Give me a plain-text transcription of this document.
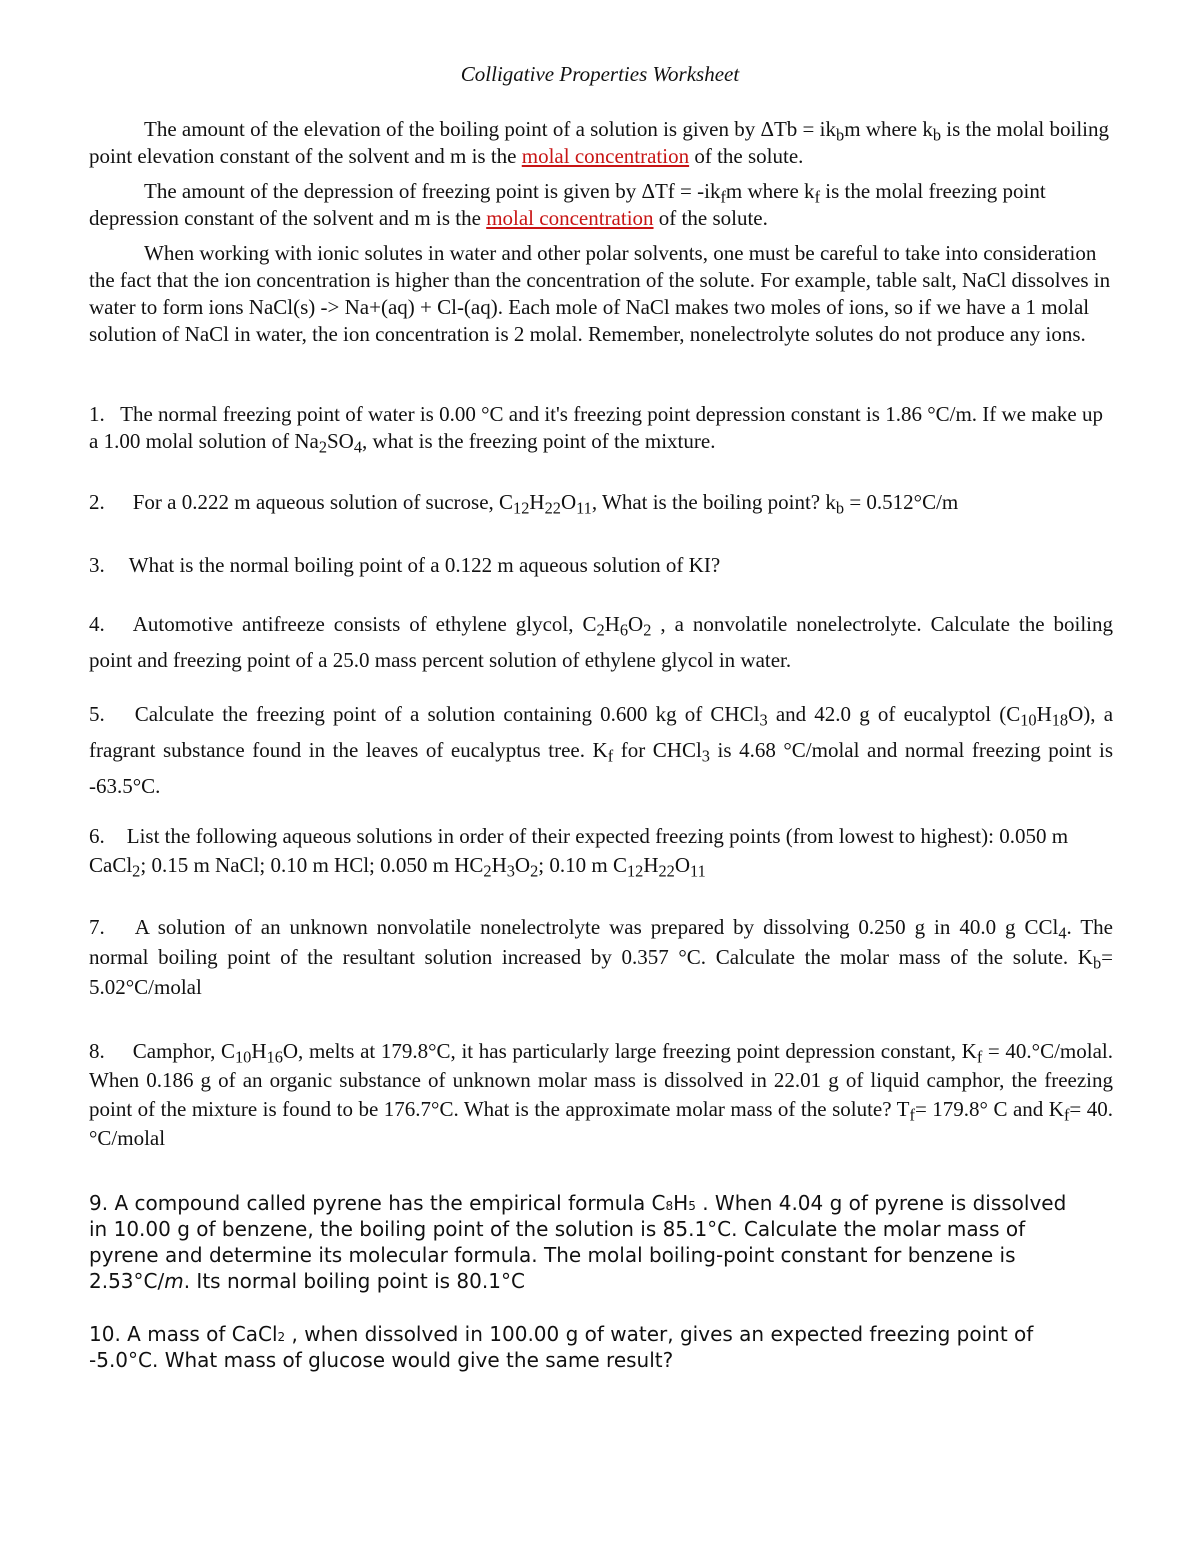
Colligative Properties Worksheet
The amount of the elevation of the boiling point of a solution is given by $\Delta Tb = ik_bm$ where $k_b$ is the molal boiling point elevation constant of the solvent and m is the molal concentration of the solute.
The amount of the depression of freezing point is given by $\Delta Tf = -ik_fm$ where $k_f$ is the molal freezing point depression constant of the solvent and m is the molal concentration of the solute.
When working with ionic solutes in water and other polar solvents, one must be careful to take into consideration the fact that the ion concentration is higher than the concentration of the solute. For example, table salt, NaCl dissolves in water to form ions NaCl(s) -> Na+(aq) + Cl-(aq). Each mole of NaCl makes two moles of ions, so if we have a 1 molal solution of NaCl in water, the ion concentration is 2 molal. Remember, nonelectrolyte solutes do not produce any ions.
1. The normal freezing point of water is 0.00 °C and it's freezing point depression constant is 1.86 °C/m. If we make up a 1.00 molal solution of $Na_2SO_4$, what is the freezing point of the mixture.
2. For a 0.222 m aqueous solution of sucrose, $C_{12}H_{22}O_{11}$, What is the boiling point? $k_b = 0.512^\circ C/m$
3. What is the normal boiling point of a 0.122 m aqueous solution of KI?
4. Automotive antifreeze consists of ethylene glycol, $C_2H_6O_2$ , a nonvolatile nonelectrolyte. Calculate the boiling point and freezing point of a 25.0 mass percent solution of ethylene glycol in water.
5. Calculate the freezing point of a solution containing 0.600 kg of CHCl$_3$ and 42.0 g of eucalyptol $(C_{10}H_{18}O)$, a fragrant substance found in the leaves of eucalyptus tree. $K_f$ for CHCl$_3$ is 4.68 °C/molal and normal freezing point is -63.5°C.
6. List the following aqueous solutions in order of their expected freezing points (from lowest to highest): 0.050 m CaCl$_2$; 0.15 m NaCl; 0.10 m HCl; 0.050 m $HC_2H_3O_2$; 0.10 m $C_{12}H_{22}O_{11}$
7. A solution of an unknown nonvolatile nonelectrolyte was prepared by dissolving 0.250 g in 40.0 g CCl$_4$. The normal boiling point of the resultant solution increased by 0.357 °C. Calculate the molar mass of the solute. $K_b=$ 5.02°C/molal
8. Camphor, $C_{10}H_{16}O$, melts at 179.8°C, it has particularly large freezing point depression constant, $K_f$ = 40.°C/molal. When 0.186 g of an organic substance of unknown molar mass is dissolved in 22.01 g of liquid camphor, the freezing point of the mixture is found to be 176.7°C. What is the approximate molar mass of the solute? $T_f= 179.8^\circ$ C and $K_f= 40$. °C/molal
9. A compound called pyrene has the empirical formula C8H5 . When 4.04 g of pyrene is dissolved in 10.00 g of benzene, the boiling point of the solution is 85.1°C. Calculate the molar mass of pyrene and determine its molecular formula. The molal boiling-point constant for benzene is 2.53°C/m. Its normal boiling point is 80.1°C
10. A mass of CaCl2 , when dissolved in 100.00 g of water, gives an expected freezing point of -5.0°C. What mass of glucose would give the same result?
